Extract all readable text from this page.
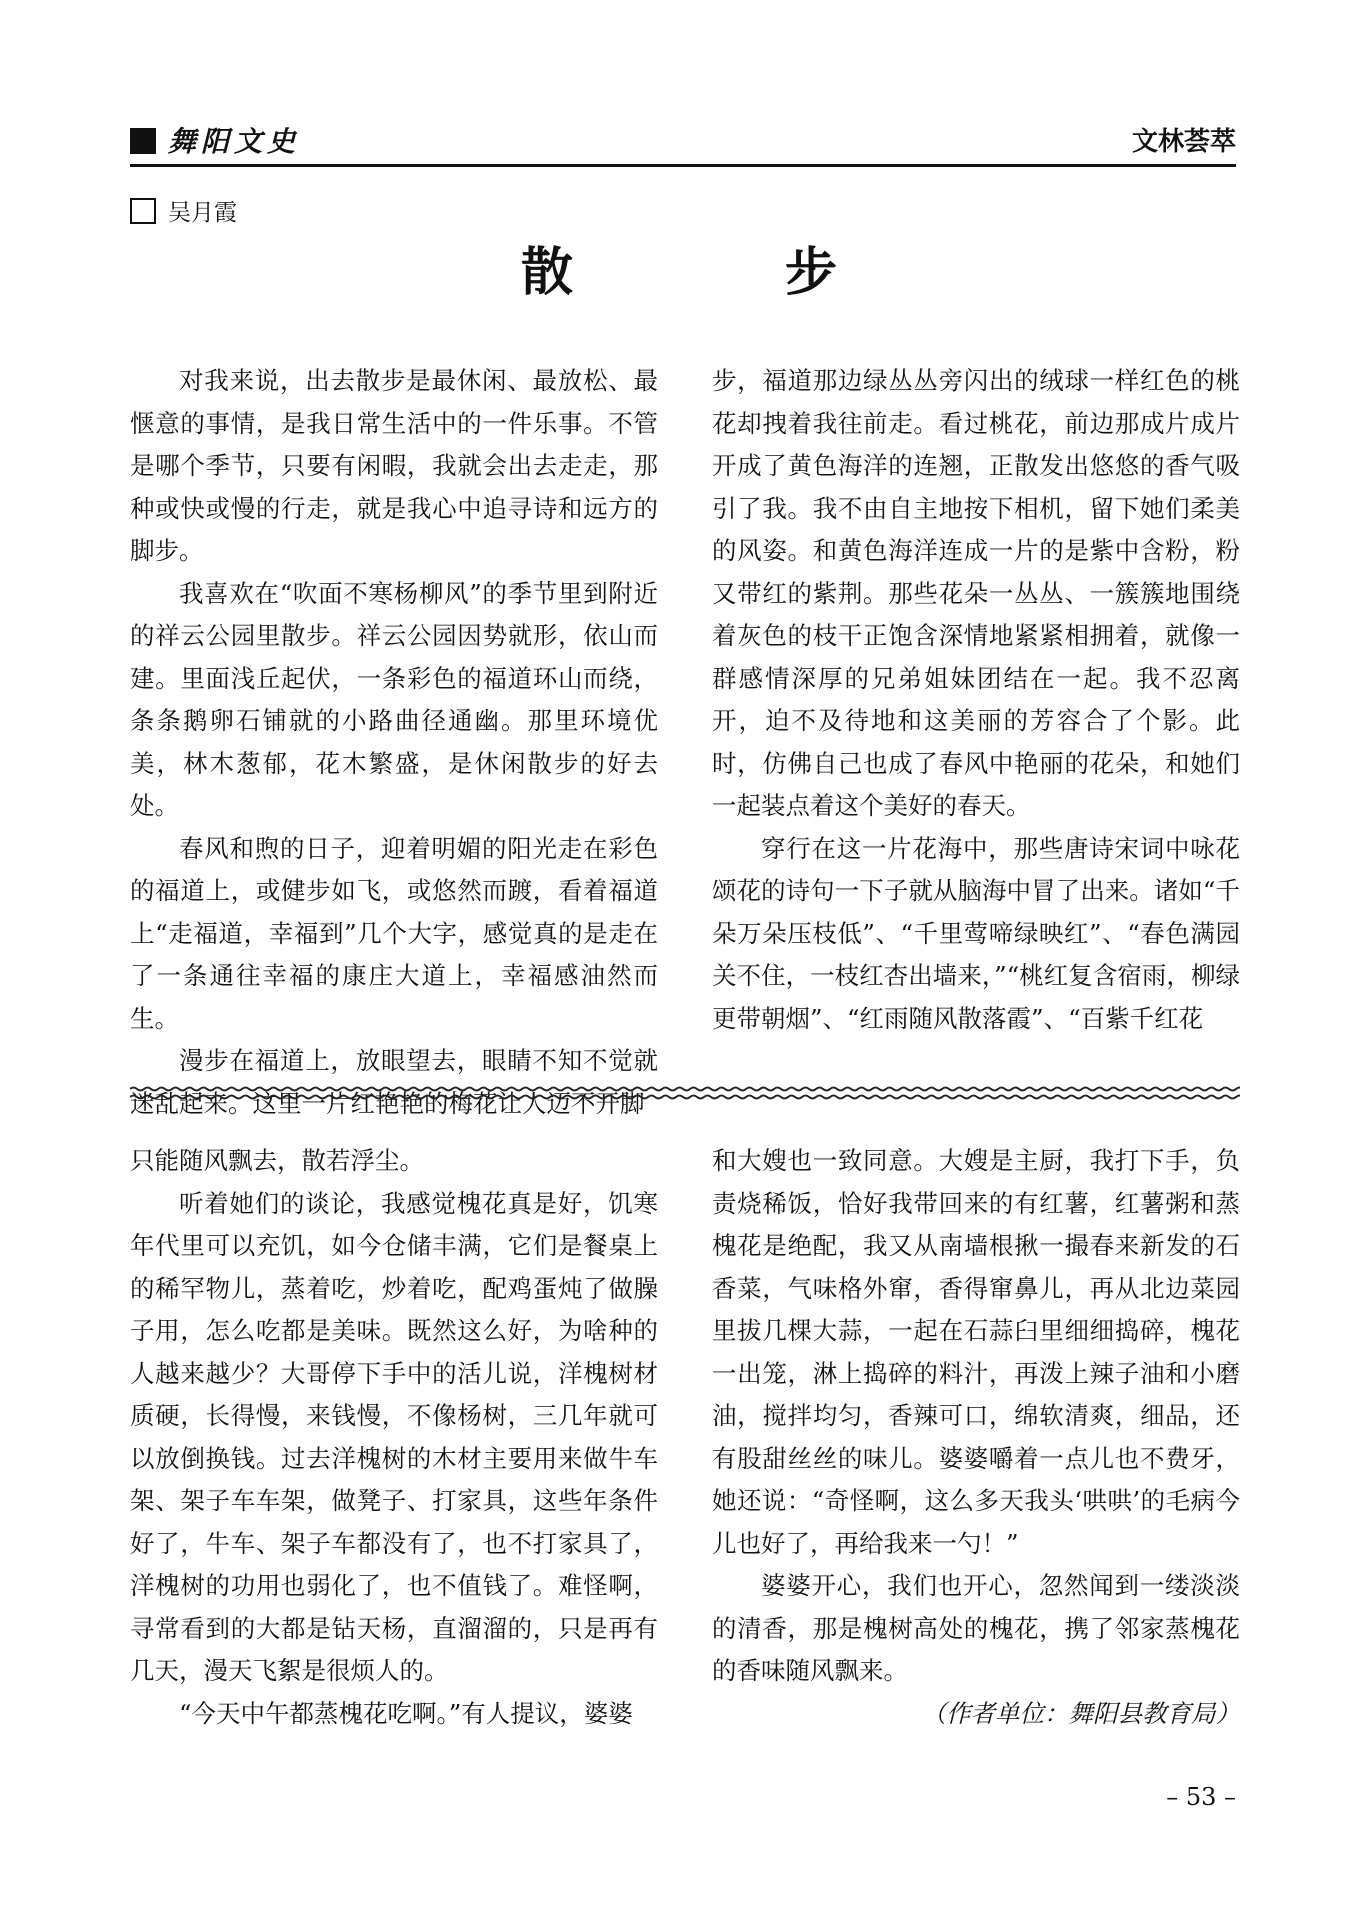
舞阳文史	文林荟萃
吴月霞
散　步

对我来说，出去散步是最休闲、最放松、最惬意的事情，是我日常生活中的一件乐事。不管是哪个季节，只要有闲暇，我就会出去走走，那种或快或慢的行走，就是我心中追寻诗和远方的脚步。

我喜欢在“吹面不寒杨柳风”的季节里到附近的祥云公园里散步。祥云公园因势就形，依山而建。里面浅丘起伏，一条彩色的福道环山而绕，条条鹅卵石铺就的小路曲径通幽。那里环境优美，林木葱郁，花木繁盛，是休闲散步的好去处。

春风和煦的日子，迎着明媚的阳光走在彩色的福道上，或健步如飞，或悠然而踱，看着福道上“走福道，幸福到”几个大字，感觉真的是走在了一条通往幸福的康庄大道上，幸福感油然而生。

漫步在福道上，放眼望去，眼睛不知不觉就迷乱起来。这里一片红艳艳的梅花让人迈不开脚

步，福道那边绿丛丛旁闪出的绒球一样红色的桃花却拽着我往前走。看过桃花，前边那成片成片开成了黄色海洋的连翘，正散发出悠悠的香气吸引了我。我不由自主地按下相机，留下她们柔美的风姿。和黄色海洋连成一片的是紫中含粉，粉又带红的紫荆。那些花朵一丛丛、一簇簇地围绕着灰色的枝干正饱含深情地紧紧相拥着，就像一群感情深厚的兄弟姐妹团结在一起。我不忍离开，迫不及待地和这美丽的芳容合了个影。此时，仿佛自己也成了春风中艳丽的花朵，和她们一起装点着这个美好的春天。

穿行在这一片花海中，那些唐诗宋词中咏花颂花的诗句一下子就从脑海中冒了出来。诸如“千朵万朵压枝低”、“千里莺啼绿映红”、“春色满园关不住，一枝红杏出墙来，”“桃红复含宿雨，柳绿更带朝烟”、“红雨随风散落霞”、“百紫千红花

只能随风飘去，散若浮尘。

听着她们的谈论，我感觉槐花真是好，饥寒年代里可以充饥，如今仓储丰满，它们是餐桌上的稀罕物儿，蒸着吃，炒着吃，配鸡蛋炖了做臊子用，怎么吃都是美味。既然这么好，为啥种的人越来越少？大哥停下手中的活儿说，洋槐树材质硬，长得慢，来钱慢，不像杨树，三几年就可以放倒换钱。过去洋槐树的木材主要用来做牛车架、架子车车架，做凳子、打家具，这些年条件好了，牛车、架子车都没有了，也不打家具了，洋槐树的功用也弱化了，也不值钱了。难怪啊，寻常看到的大都是钻天杨，直溜溜的，只是再有几天，漫天飞絮是很烦人的。

“今天中午都蒸槐花吃啊。”有人提议，婆婆

和大嫂也一致同意。大嫂是主厨，我打下手，负责烧稀饭，恰好我带回来的有红薯，红薯粥和蒸槐花是绝配，我又从南墙根揪一撮春来新发的石香菜，气味格外窜，香得窜鼻儿，再从北边菜园里拔几棵大蒜，一起在石蒜臼里细细捣碎，槐花一出笼，淋上捣碎的料汁，再泼上辣子油和小磨油，搅拌均匀，香辣可口，绵软清爽，细品，还有股甜丝丝的味儿。婆婆嚼着一点儿也不费牙，她还说：“奇怪啊，这么多天我头‘哄哄’的毛病今儿也好了，再给我来一勺！”

婆婆开心，我们也开心，忽然闻到一缕淡淡的清香，那是槐树高处的槐花，携了邻家蒸槐花的香味随风飘来。

（作者单位：舞阳县教育局）

– 53 –
